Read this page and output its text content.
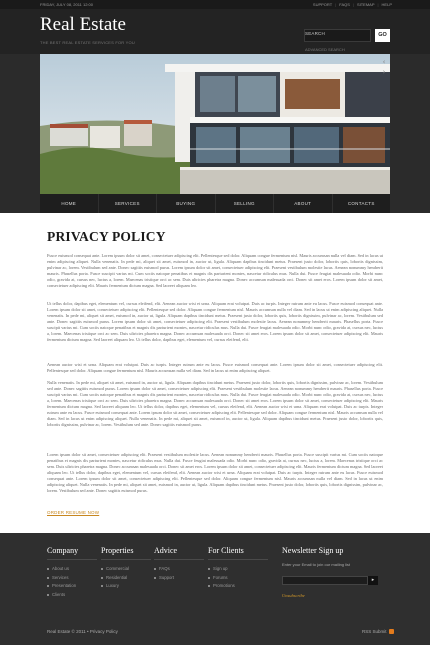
FRIDAY, JULY 08, 2011 12:00	SUPPORT | FAQS | SITEMAP | HELP
Real Estate
THE BEST REAL ESTATE SERVICES FOR YOU
SEARCH	GO
ADVANCED SEARCH
‹
›
HOME	SERVICES	BUYING	SELLING	ABOUT	CONTACTS
PRIVACY POLICY

Fusce euismod consequat ante. Lorem ipsum dolor sit amet, consectetuer adipiscing elit. Pellentesque sed dolor. Aliquam congue fermentum nisl. Mauris accumsan nulla vel diam. Sed in lacus ut enim adipiscing aliquet. Nulla venenatis. In pede mi, aliquet sit amet, euismod in, auctor ut, ligula. Aliquam dapibus tincidunt metus. Praesent justo dolor, lobortis quis, lobortis dignissim, pulvinar ac, lorem. Vestibulum sed ante. Donec sagittis euismod purus. Lorem ipsum dolor sit amet, consectetuer adipiscing elit. Praesent vestibulum molestie lacus. Aenean nonummy hendrerit mauris. Phasellus porta. Fusce suscipit varius mi. Cum sociis natoque penatibus et magnis dis parturient montes, nascetur ridiculus mus. Nulla dui. Fusce feugiat malesuada odio. Morbi nunc odio, gravida at, cursus nec, luctus a, lorem. Maecenas tristique orci ac sem. Duis ultricies pharetra magna. Donec accumsan malesuada orci. Donec sit amet eros. Lorem ipsum dolor sit amet, consectetuer adipiscing elit. Mauris fermentum dictum magna. Sed laoreet aliquam leo.

Ut tellus dolor, dapibus eget, elementum vel, cursus eleifend, elit. Aenean auctor wisi et urna. Aliquam erat volutpat. Duis ac turpis. Integer rutrum ante eu lacus. Fusce euismod consequat ante. Lorem ipsum dolor sit amet, consectetuer adipiscing elit. Pellentesque sed dolor. Aliquam congue fermentum nisl. Mauris accumsan nulla vel diam. Sed in lacus ut enim adipiscing aliquet. Nulla venenatis. In pede mi, aliquet sit amet, euismod in, auctor ut, ligula. Aliquam dapibus tincidunt metus. Praesent justo dolor, lobortis quis, lobortis dignissim, pulvinar ac, lorem. Vestibulum sed ante. Donec sagittis euismod purus. Lorem ipsum dolor sit amet, consectetuer adipiscing elit. Praesent vestibulum molestie lacus. Aenean nonummy hendrerit mauris. Phasellus porta. Fusce suscipit varius mi. Cum sociis natoque penatibus et magnis dis parturient montes, nascetur ridiculus mus. Nulla dui. Fusce feugiat malesuada odio. Morbi nunc odio, gravida at, cursus nec, luctus a, lorem. Maecenas tristique orci ac sem. Duis ultricies pharetra magna. Donec accumsan malesuada orci. Donec sit amet eros. Lorem ipsum dolor sit amet, consectetuer adipiscing elit. Mauris fermentum dictum magna. Sed laoreet aliquam leo. Ut tellus dolor, dapibus eget, elementum vel, cursus eleifend, elit.

Aenean auctor wisi et urna. Aliquam erat volutpat. Duis ac turpis. Integer rutrum ante eu lacus. Fusce euismod consequat ante. Lorem ipsum dolor sit amet, consectetuer adipiscing elit. Pellentesque sed dolor. Aliquam congue fermentum nisl. Mauris accumsan nulla vel diam. Sed in lacus ut enim adipiscing aliquet.

Nulla venenatis. In pede mi, aliquet sit amet, euismod in, auctor ut, ligula. Aliquam dapibus tincidunt metus. Praesent justo dolor, lobortis quis, lobortis dignissim, pulvinar ac, lorem. Vestibulum sed ante. Donec sagittis euismod purus. Lorem ipsum dolor sit amet, consectetuer adipiscing elit. Praesent vestibulum molestie lacus. Aenean nonummy hendrerit mauris. Phasellus porta. Fusce suscipit varius mi. Cum sociis natoque penatibus et magnis dis parturient montes, nascetur ridiculus mus. Nulla dui. Fusce feugiat malesuada odio. Morbi nunc odio, gravida at, cursus nec, luctus a, lorem. Maecenas tristique orci ac sem. Duis ultricies pharetra magna. Donec accumsan malesuada orci. Donec sit amet eros. Lorem ipsum dolor sit amet, consectetuer adipiscing elit. Mauris fermentum dictum magna. Sed laoreet aliquam leo. Ut tellus dolor, dapibus eget, elementum vel, cursus eleifend, elit. Aenean auctor wisi et urna. Aliquam erat volutpat. Duis ac turpis. Integer rutrum ante eu lacus. Fusce euismod consequat ante. Lorem ipsum dolor sit amet, consectetuer adipiscing elit. Pellentesque sed dolor. Aliquam congue fermentum nisl. Mauris accumsan nulla vel diam. Sed in lacus ut enim adipiscing aliquet. Nulla venenatis. In pede mi, aliquet sit amet, euismod in, auctor ut, ligula. Aliquam dapibus tincidunt metus. Praesent justo dolor, lobortis quis, lobortis dignissim, pulvinar ac, lorem. Vestibulum sed ante. Donec sagittis euismod purus.

Lorem ipsum dolor sit amet, consectetuer adipiscing elit. Praesent vestibulum molestie lacus. Aenean nonummy hendrerit mauris. Phasellus porta. Fusce suscipit varius mi. Cum sociis natoque penatibus et magnis dis parturient montes, nascetur ridiculus mus. Nulla dui. Fusce feugiat malesuada odio. Morbi nunc odio, gravida at, cursus nec, luctus a, lorem. Maecenas tristique orci ac sem. Duis ultricies pharetra magna. Donec accumsan malesuada orci. Donec sit amet eros. Lorem ipsum dolor sit amet, consectetuer adipiscing elit. Mauris fermentum dictum magna. Sed laoreet aliquam leo. Ut tellus dolor, dapibus eget, elementum vel, cursus eleifend, elit. Aenean auctor wisi et urna. Aliquam erat volutpat. Duis ac turpis. Integer rutrum ante eu lacus. Fusce euismod consequat ante. Lorem ipsum dolor sit amet, consectetuer adipiscing elit. Pellentesque sed dolor. Aliquam congue fermentum nisl. Mauris accumsan nulla vel diam. Sed in lacus ut enim adipiscing aliquet. Nulla venenatis. In pede mi, aliquet sit amet, euismod in, auctor ut, ligula. Aliquam dapibus tincidunt metus. Praesent justo dolor, lobortis quis, lobortis dignissim, pulvinar ac, lorem. Vestibulum sed ante. Donec sagittis euismod purus.

ORDER RESUME NOW
Company
About us
Services
Presentation
Clients
Properties
Commercial
Residential
Luxury
Advice
FAQs
Support
For Clients
Sign up
Forums
Promotions
Newsletter Sign up
Enter your Email to join our mailing list
▸
Unsubscribe
Real Estate © 2011 • Privacy Policy	RSS Submit
